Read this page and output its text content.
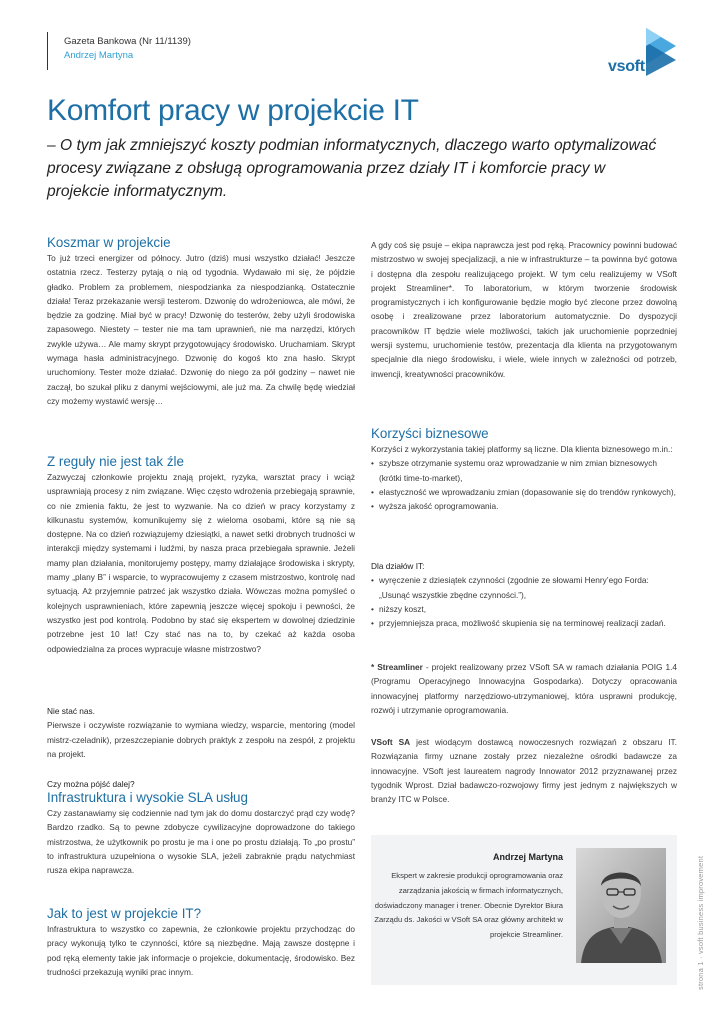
Gazeta Bankowa (Nr 11/1139)
Andrzej Martyna
vsoft
Komfort pracy w projekcie IT

– O tym jak zmniejszyć koszty podmian informatycznych, dlaczego warto optymalizować procesy związane z obsługą oprogramowania przez działy IT i komforcie pracy w projekcie informatycznym.

Koszmar w projekcie

To już trzeci energizer od północy. Jutro (dziś) musi wszystko działać! Jeszcze ostatnia rzecz. Testerzy pytają o nią od tygodnia. Wydawało mi się, że pójdzie gładko. Problem za problemem, niespodzianka za niespodzianką. Ostatecznie działa! Teraz przekazanie wersji testerom. Dzwonię do wdrożeniowca, ale mówi, że będzie za godzinę. Miał być w pracy! Dzwonię do testerów, żeby użyli środowiska zapasowego. Niestety – tester nie ma tam uprawnień, nie ma narzędzi, których zwykle używa… Ale mamy skrypt przygotowujący środowisko. Uruchamiam. Skrypt wymaga hasła administracyjnego. Dzwonię do kogoś kto zna hasło. Skrypt uruchomiony. Tester może działać. Dzwonię do niego za pół godziny – nawet nie zaczął, bo szukał pliku z danymi wejściowymi, ale już ma. Za chwilę będę wiedział czy możemy wystawić wersję…

Z reguły nie jest tak źle

Zazwyczaj członkowie projektu znają projekt, ryzyka, warsztat pracy i wciąż usprawniają procesy z nim związane. Więc często wdrożenia przebiegają sprawnie, co nie zmienia faktu, że jest to wyzwanie. Na co dzień w pracy korzystamy z kilkunastu systemów, komunikujemy się z wieloma osobami, które są nie są dostępne. Na co dzień rozwiązujemy dziesiątki, a nawet setki drobnych trudności w interakcji między systemami i ludźmi, by nasza praca przebiegała sprawnie. Jeżeli mamy plan działania, monitorujemy postępy, mamy działające środowiska i skrypty, mamy „plany B” i wsparcie, to wypracowujemy z czasem mistrzostwo, kontrolę nad sytuacją. Aż przyjemnie patrzeć jak wszystko działa. Wówczas można pomyśleć o kolejnych usprawnieniach, które zapewnią jeszcze więcej spokoju i pewności, że wszystko jest pod kontrolą. Podobno by stać się ekspertem w dowolnej dziedzinie potrzebne jest 10 lat! Czy stać nas na to, by czekać aż każda osoba odpowiedzialna za proces wypracuje własne mistrzostwo?

Nie stać nas.

Pierwsze i oczywiste rozwiązanie to wymiana wiedzy, wsparcie, mentoring (model mistrz-czeladnik), przeszczepianie dobrych praktyk z zespołu na zespół, z projektu na projekt.

Czy można pójść dalej?
Infrastruktura i wysokie SLA usług

Czy zastanawiamy się codziennie nad tym jak do domu dostarczyć prąd czy wodę? Bardzo rzadko. Są to pewne zdobycze cywilizacyjne doprowadzone do takiego mistrzostwa, że użytkownik po prostu je ma i one po prostu działają. To „po prostu” to infrastruktura uzupełniona o wysokie SLA, jeżeli zabraknie prądu natychmiast rusza ekipa naprawcza.

Jak to jest w projekcie IT?

Infrastruktura to wszystko co zapewnia, że członkowie projektu przychodząc do pracy wykonują tylko te czynności, które są niezbędne. Mają zawsze dostępne i pod ręką elementy takie jak informacje o projekcie, dokumentację, środowisko. Bez trudności przekazują wyniki prac innym.

A gdy coś się psuje – ekipa naprawcza jest pod ręką. Pracownicy powinni budować mistrzostwo w swojej specjalizacji, a nie w infrastrukturze – ta powinna być gotowa i dostępna dla zespołu realizującego projekt. W tym celu realizujemy w VSoft projekt Streamliner*. To laboratorium, w którym tworzenie środowisk programistycznych i ich konfigurowanie będzie mogło być zlecone przez dowolną osobę i zrealizowane przez laboratorium automatycznie. Do dyspozycji pracowników IT będzie wiele możliwości, takich jak uruchomienie poprzedniej wersji systemu, uruchomienie testów, prezentacja dla klienta na przygotowanym specjalnie dla niego środowisku, i wiele, wiele innych w zależności od potrzeb, inwencji, kreatywności pracowników.

Korzyści biznesowe

Korzyści z wykorzystania takiej platformy są liczne. Dla klienta biznesowego m.in.:

• szybsze otrzymanie systemu oraz wprowadzanie w nim zmian biznesowych (krótki time-to-market),
• elastyczność we wprowadzaniu zmian (dopasowanie się do trendów rynkowych),
• wyższa jakość oprogramowania.
Dla działów IT:
• wyręczenie z dziesiątek czynności (zgodnie ze słowami Henry’ego Forda: „Usunąć wszystkie zbędne czynności.”),
• niższy koszt,
• przyjemniejsza praca, możliwość skupienia się na terminowej realizacji zadań.

* Streamliner - projekt realizowany przez VSoft SA w ramach działania POIG 1.4 (Programu Operacyjnego Innowacyjna Gospodarka). Dotyczy opracowania innowacyjnej platformy narzędziowo-utrzymaniowej, która usprawni produkcję, rozwój i utrzymanie oprogramowania.

VSoft SA jest wiodącym dostawcą nowoczesnych rozwiązań z obszaru IT. Rozwiązania firmy uznane zostały przez niezależne ośrodki badawcze za innowacyjne. VSoft jest laureatem nagrody Innowator 2012 przyznawanej przez tygodnik Wprost. Dział badawczo-rozwojowy firmy jest jednym z największych w branży ITC w Polsce.

Andrzej Martyna
Ekspert w zakresie produkcji oprogramowania oraz zarządzania jakością w firmach informatycznych, doświadczony manager i trener. Obecnie Dyrektor Biura Zarządu ds. Jakości w VSoft SA oraz główny architekt w projekcie Streamliner.	strona 1 · vsoft business improvement
